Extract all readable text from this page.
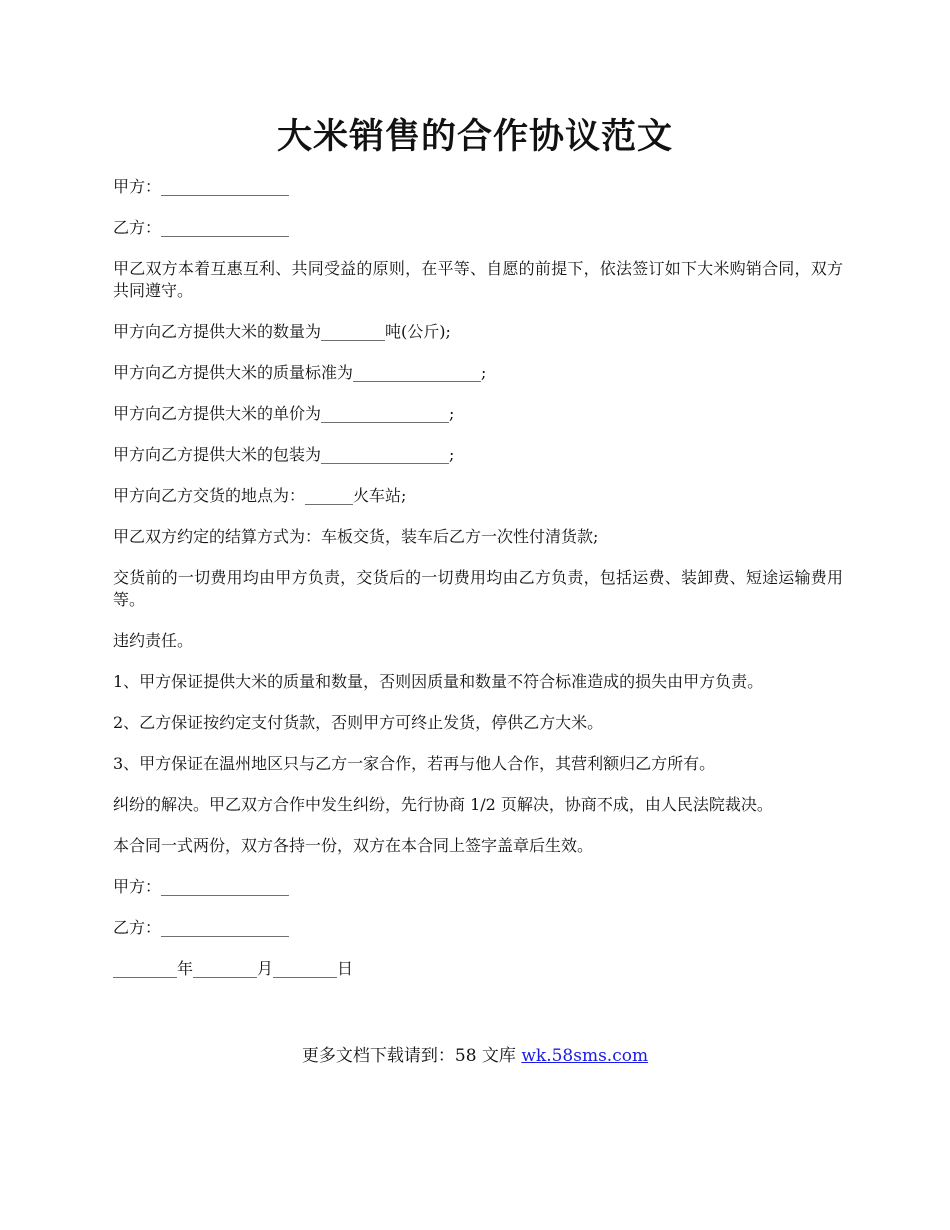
大米销售的合作协议范文

甲方：________________

乙方：________________

甲乙双方本着互惠互利、共同受益的原则，在平等、自愿的前提下，依法签订如下大米购销合同，双方共同遵守。

甲方向乙方提供大米的数量为________吨(公斤);

甲方向乙方提供大米的质量标准为________________;

甲方向乙方提供大米的单价为________________;

甲方向乙方提供大米的包装为________________;

甲方向乙方交货的地点为：______火车站;

甲乙双方约定的结算方式为：车板交货，装车后乙方一次性付清货款;

交货前的一切费用均由甲方负责，交货后的一切费用均由乙方负责，包括运费、装卸费、短途运输费用等。

违约责任。

1、甲方保证提供大米的质量和数量，否则因质量和数量不符合标准造成的损失由甲方负责。

2、乙方保证按约定支付货款，否则甲方可终止发货，停供乙方大米。

3、甲方保证在温州地区只与乙方一家合作，若再与他人合作，其营利额归乙方所有。

纠纷的解决。甲乙双方合作中发生纠纷，先行协商 1/2 页解决，协商不成，由人民法院裁决。

本合同一式两份，双方各持一份，双方在本合同上签字盖章后生效。

甲方：________________

乙方：________________

________年________月________日

更多文档下载请到：58 文库 wk.58sms.com
